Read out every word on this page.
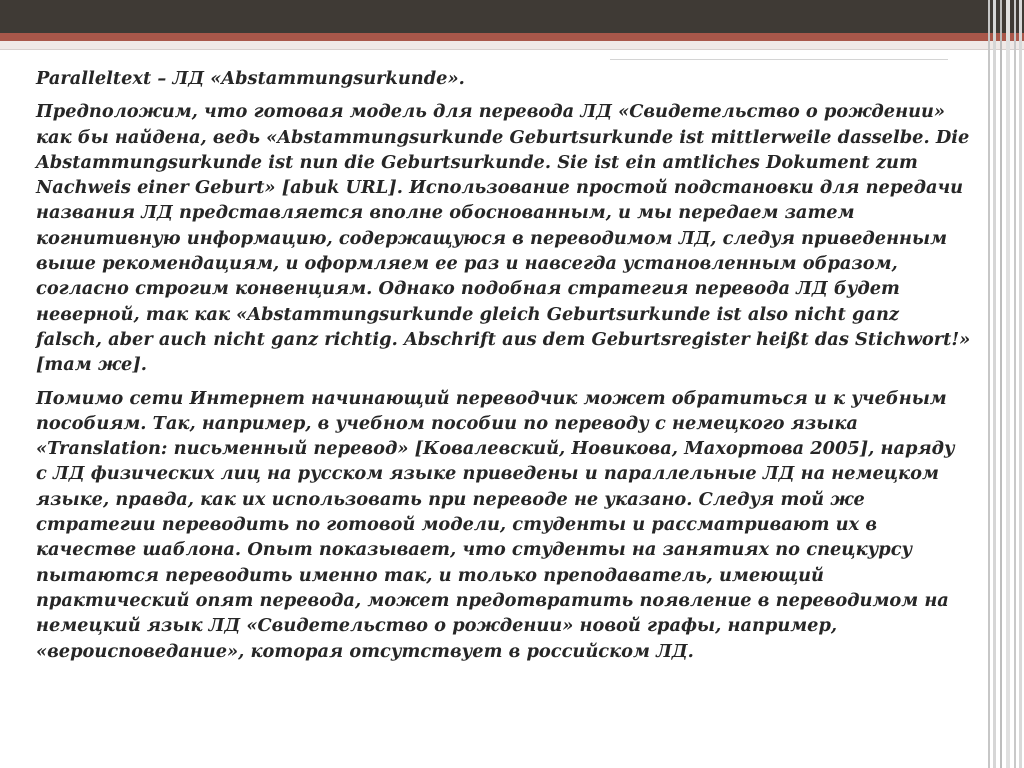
Paralleltext – ЛД «Abstammungsurkunde».

Предположим, что готовая модель для перевода ЛД «Свидетельство о рождении» как бы найдена, ведь «Abstammungsurkunde Geburtsurkunde ist mittlerweile dasselbe. Die Abstammungsurkunde ist nun die Geburtsurkunde. Sie ist ein amtliches Dokument zum Nachweis einer Geburt» [abuk URL]. Использование простой подстановки для передачи названия ЛД представляется вполне обоснованным, и мы передаем затем когнитивную информацию, содержащуюся в переводимом ЛД, следуя приведенным выше рекомендациям, и оформляем ее раз и навсегда установленным образом, согласно строгим конвенциям. Однако подобная стратегия перевода ЛД будет неверной, так как «Abstammungsurkunde gleich Geburtsurkunde ist also nicht ganz falsch, aber auch nicht ganz richtig. Abschrift aus dem Geburtsregister heißt das Stichwort!» [там же].

Помимо сети Интернет начинающий переводчик может обратиться и к учебным пособиям. Так, например, в учебном пособии по переводу с немецкого языка «Translation: письменный перевод» [Ковалевский, Новикова, Махортова 2005], наряду с ЛД физических лиц на русском языке приведены и параллельные ЛД на немецком языке, правда, как их использовать при переводе не указано. Следуя той же стратегии переводить по готовой модели, студенты и рассматривают их в качестве шаблона. Опыт показывает, что студенты на занятиях по спецкурсу пытаются переводить именно так, и только преподаватель, имеющий практический опят перевода, может предотвратить появление в переводимом на немецкий язык ЛД «Свидетельство о рождении» новой графы, например, «вероисповедание», которая отсутствует в российском ЛД.
